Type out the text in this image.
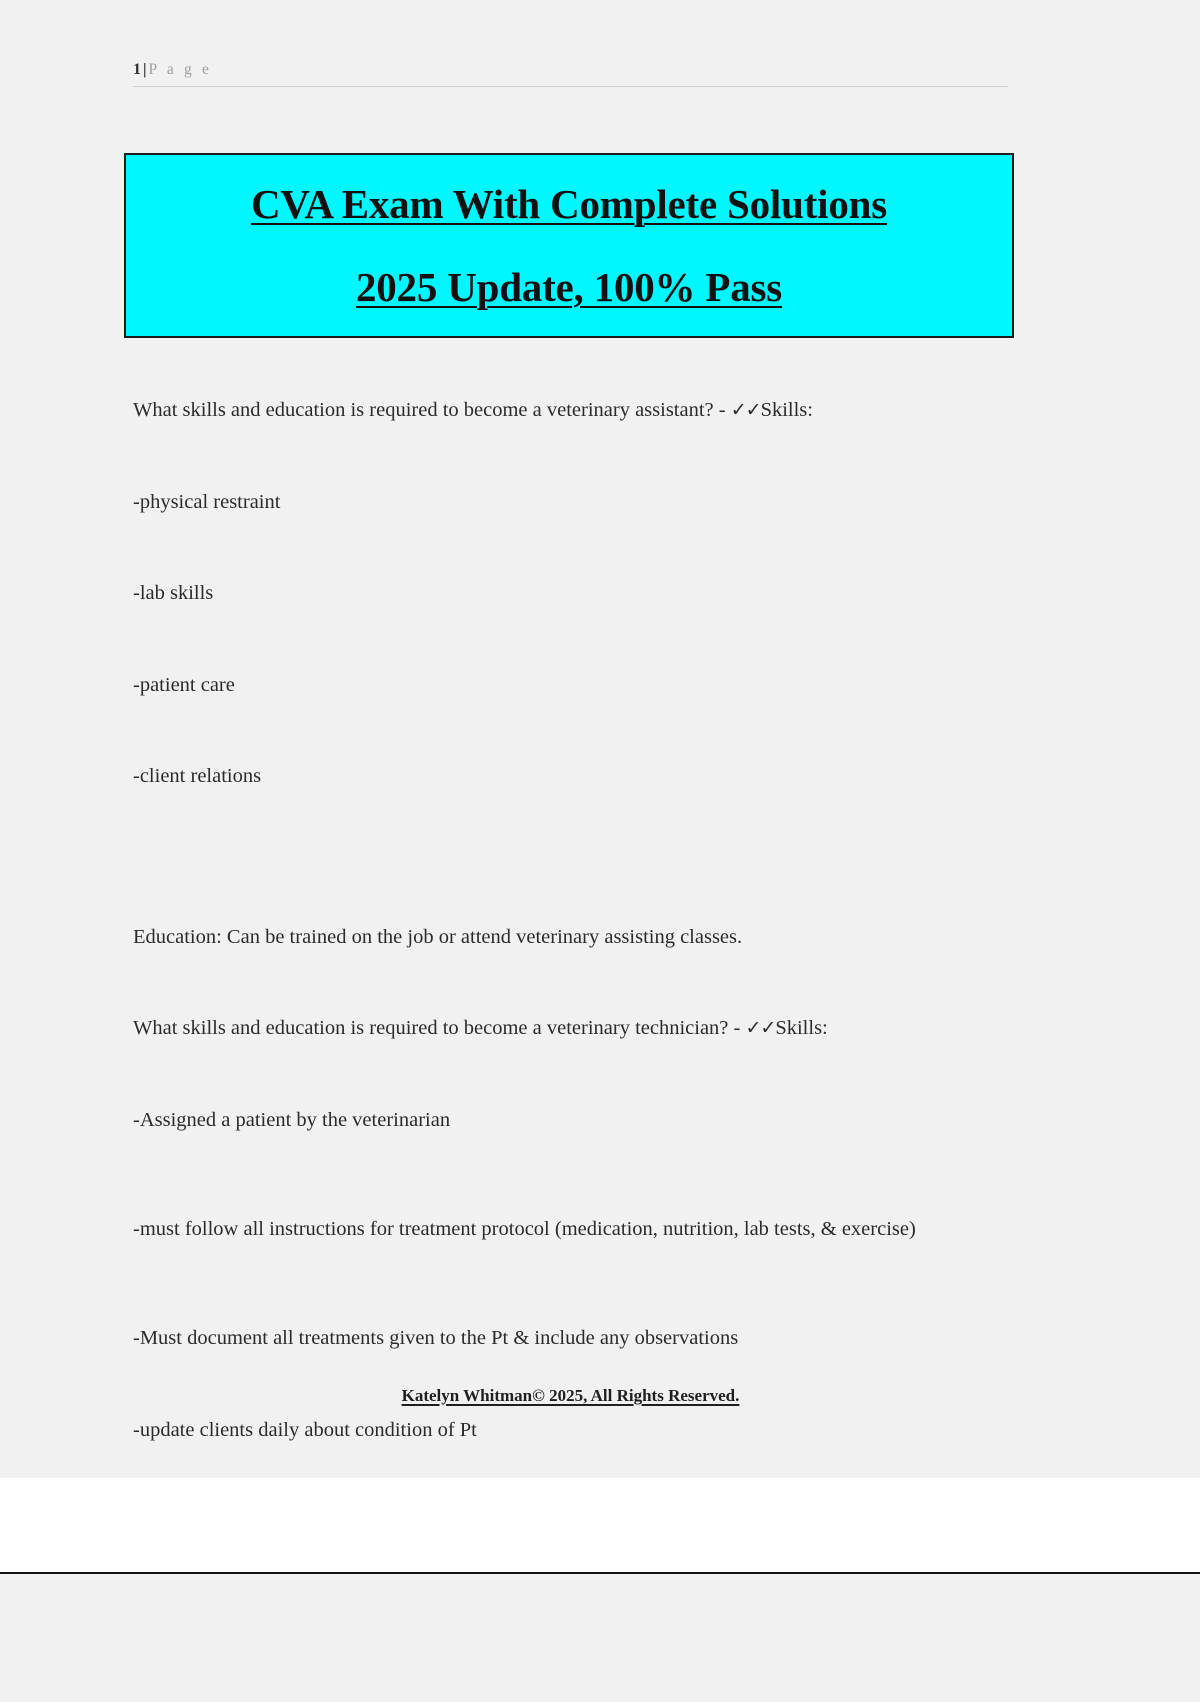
1 | P a g e
CVA Exam With Complete Solutions
2025 Update, 100% Pass

What skills and education is required to become a veterinary assistant? - ✓✓Skills:

-physical restraint

-lab skills

-patient care

-client relations

Education: Can be trained on the job or attend veterinary assisting classes.

What skills and education is required to become a veterinary technician? - ✓✓Skills:

-Assigned a patient by the veterinarian

-must follow all instructions for treatment protocol (medication, nutrition, lab tests, & exercise)

-Must document all treatments given to the Pt & include any observations

-update clients daily about condition of Pt

Katelyn Whitman© 2025, All Rights Reserved.
